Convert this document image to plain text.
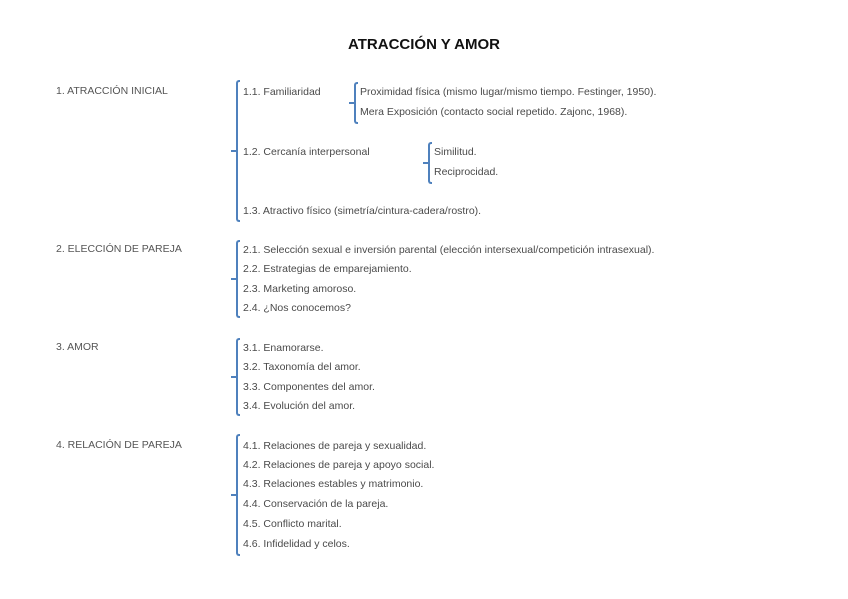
ATRACCIÓN Y AMOR
1. ATRACCIÓN INICIAL	1.1. Familiaridad	Proximidad física (mismo lugar/mismo tiempo. Festinger, 1950).
Mera Exposición (contacto social repetido. Zajonc, 1968).
1.2. Cercanía interpersonal	Similitud.
Reciprocidad.
1.3. Atractivo físico (simetría/cintura-cadera/rostro).
2. ELECCIÓN DE PAREJA	2.1. Selección sexual e inversión parental (elección intersexual/competición intrasexual).
2.2. Estrategias de emparejamiento.
2.3. Marketing amoroso.
2.4. ¿Nos conocemos?
3. AMOR	3.1. Enamorarse.
3.2. Taxonomía del amor.
3.3. Componentes del amor.
3.4. Evolución del amor.
4. RELACIÓN DE PAREJA	4.1. Relaciones de pareja y sexualidad.
4.2. Relaciones de pareja y apoyo social.
4.3. Relaciones estables y matrimonio.
4.4. Conservación de la pareja.
4.5. Conflicto marital.
4.6. Infidelidad y celos.
